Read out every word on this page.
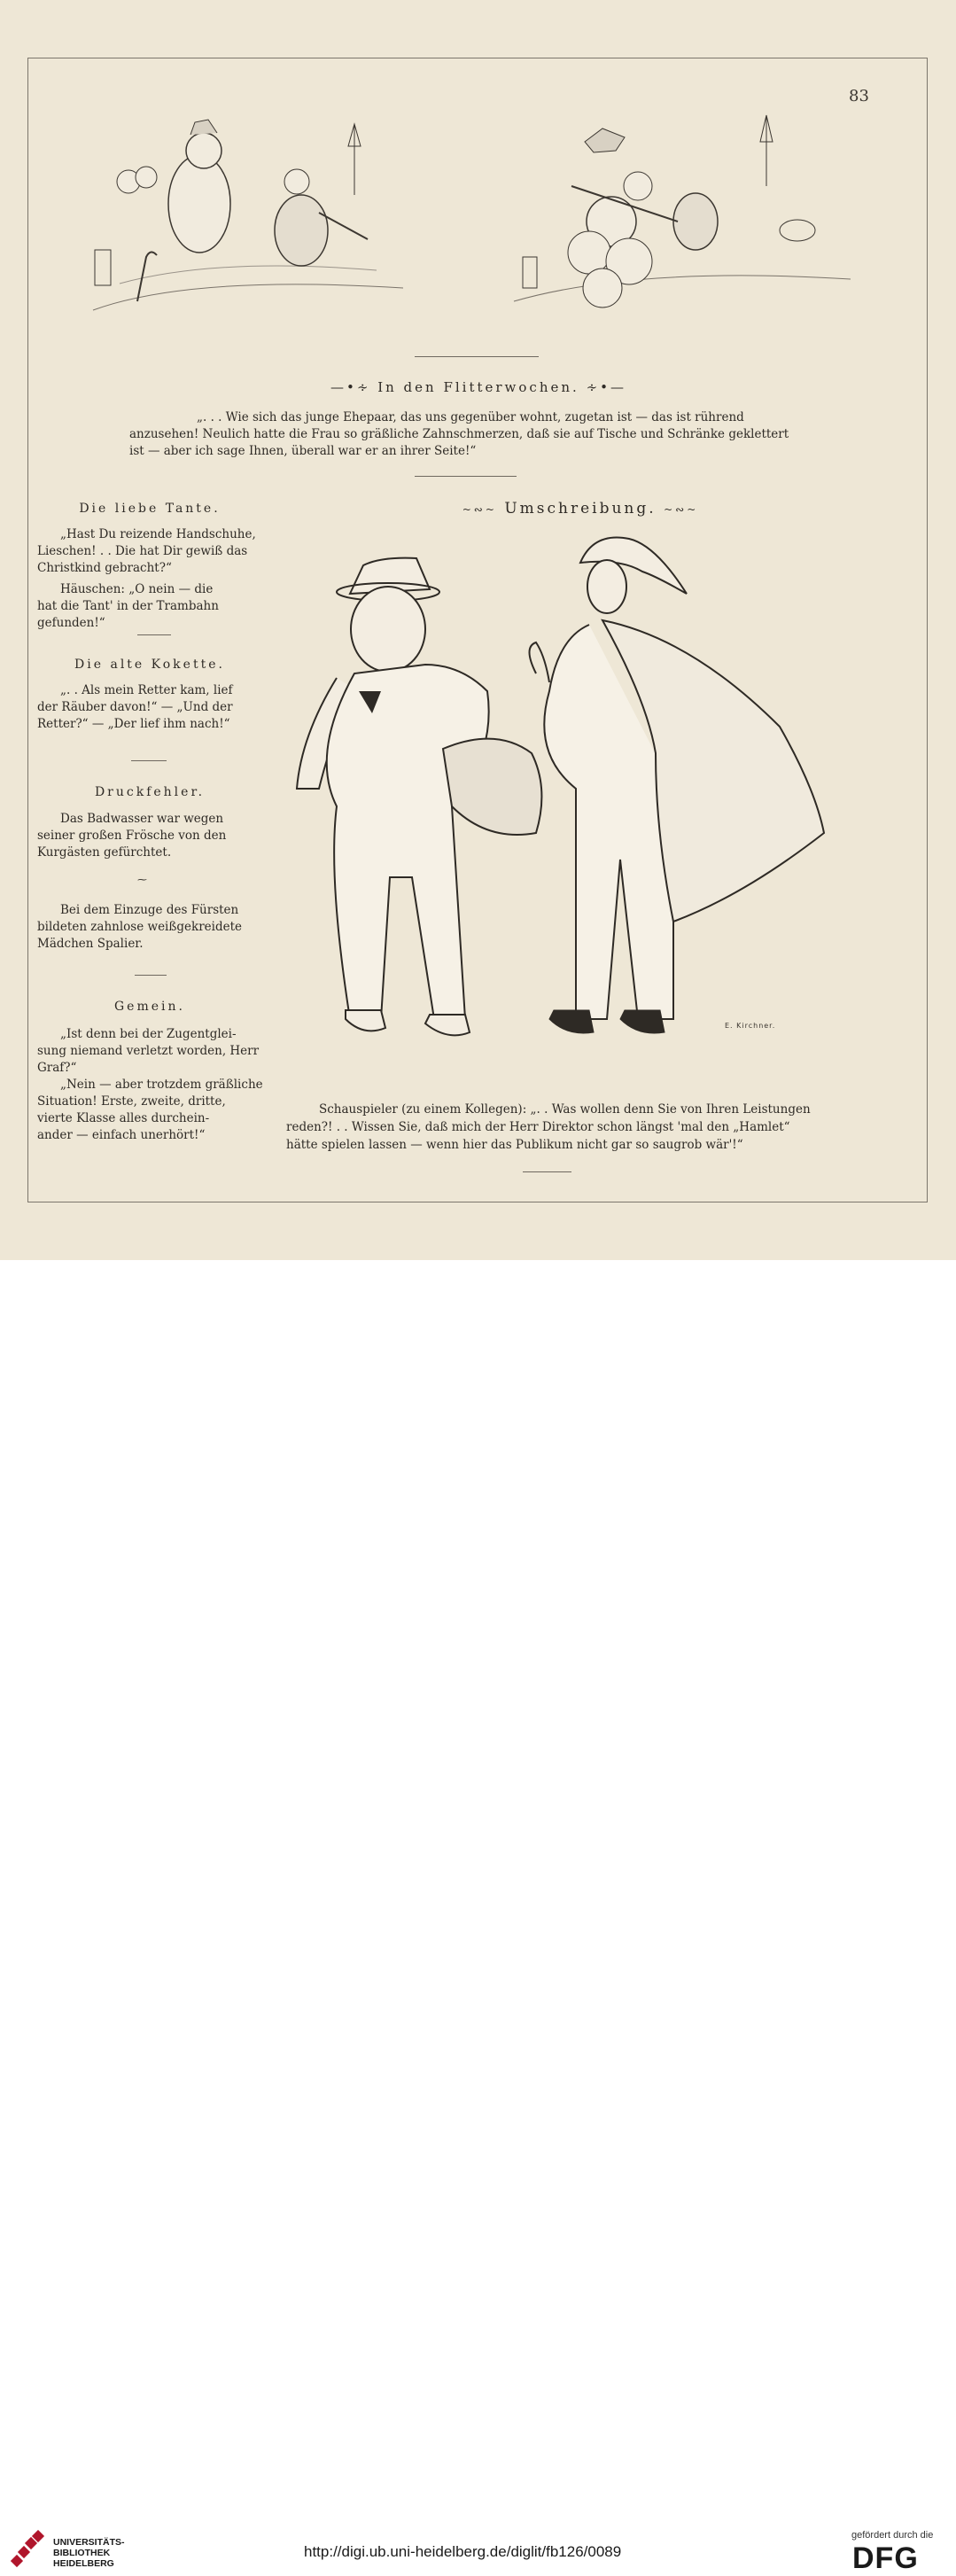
83
—•∻ In den Flitterwochen. ∻•—
„. . . Wie sich das junge Ehepaar, das uns gegenüber wohnt, zugetan ist — das ist rührend
anzusehen! Neulich hatte die Frau so gräßliche Zahnschmerzen, daß sie auf Tische und Schränke geklettert
ist — aber ich sage Ihnen, überall war er an ihrer Seite!“
Die liebe Tante.
„Hast Du reizende Handschuhe,
Lieschen! . . Die hat Dir gewiß das
Christkind gebracht?“
Häuschen: „O nein — die
hat die Tant' in der Trambahn
gefunden!“
Die alte Kokette.
„. . Als mein Retter kam, lief
der Räuber davon!“ — „Und der
Retter?“ — „Der lief ihm nach!“
Druckfehler.
Das Badwasser war wegen
seiner großen Frösche von den
Kurgästen gefürchtet.
⁓
Bei dem Einzuge des Fürsten
bildeten zahnlose weißgekreidete
Mädchen Spalier.
Gemein.
„Ist denn bei der Zugentglei-
sung niemand verletzt worden, Herr
Graf?“
„Nein — aber trotzdem gräßliche
Situation! Erste, zweite, dritte,
vierte Klasse alles durchein-
ander — einfach unerhört!“
~∾~ Umschreibung. ~∾~
E. Kirchner.
Schauspieler (zu einem Kollegen): „. . Was wollen denn Sie von Ihren Leistungen
reden?! . . Wissen Sie, daß mich der Herr Direktor schon längst 'mal den „Hamlet“
hätte spielen lassen — wenn hier das Publikum nicht gar so saugrob wär'!“
UNIVERSITÄTS-
BIBLIOTHEK
HEIDELBERG
http://digi.ub.uni-heidelberg.de/diglit/fb126/0089
gefördert durch die
DFG
